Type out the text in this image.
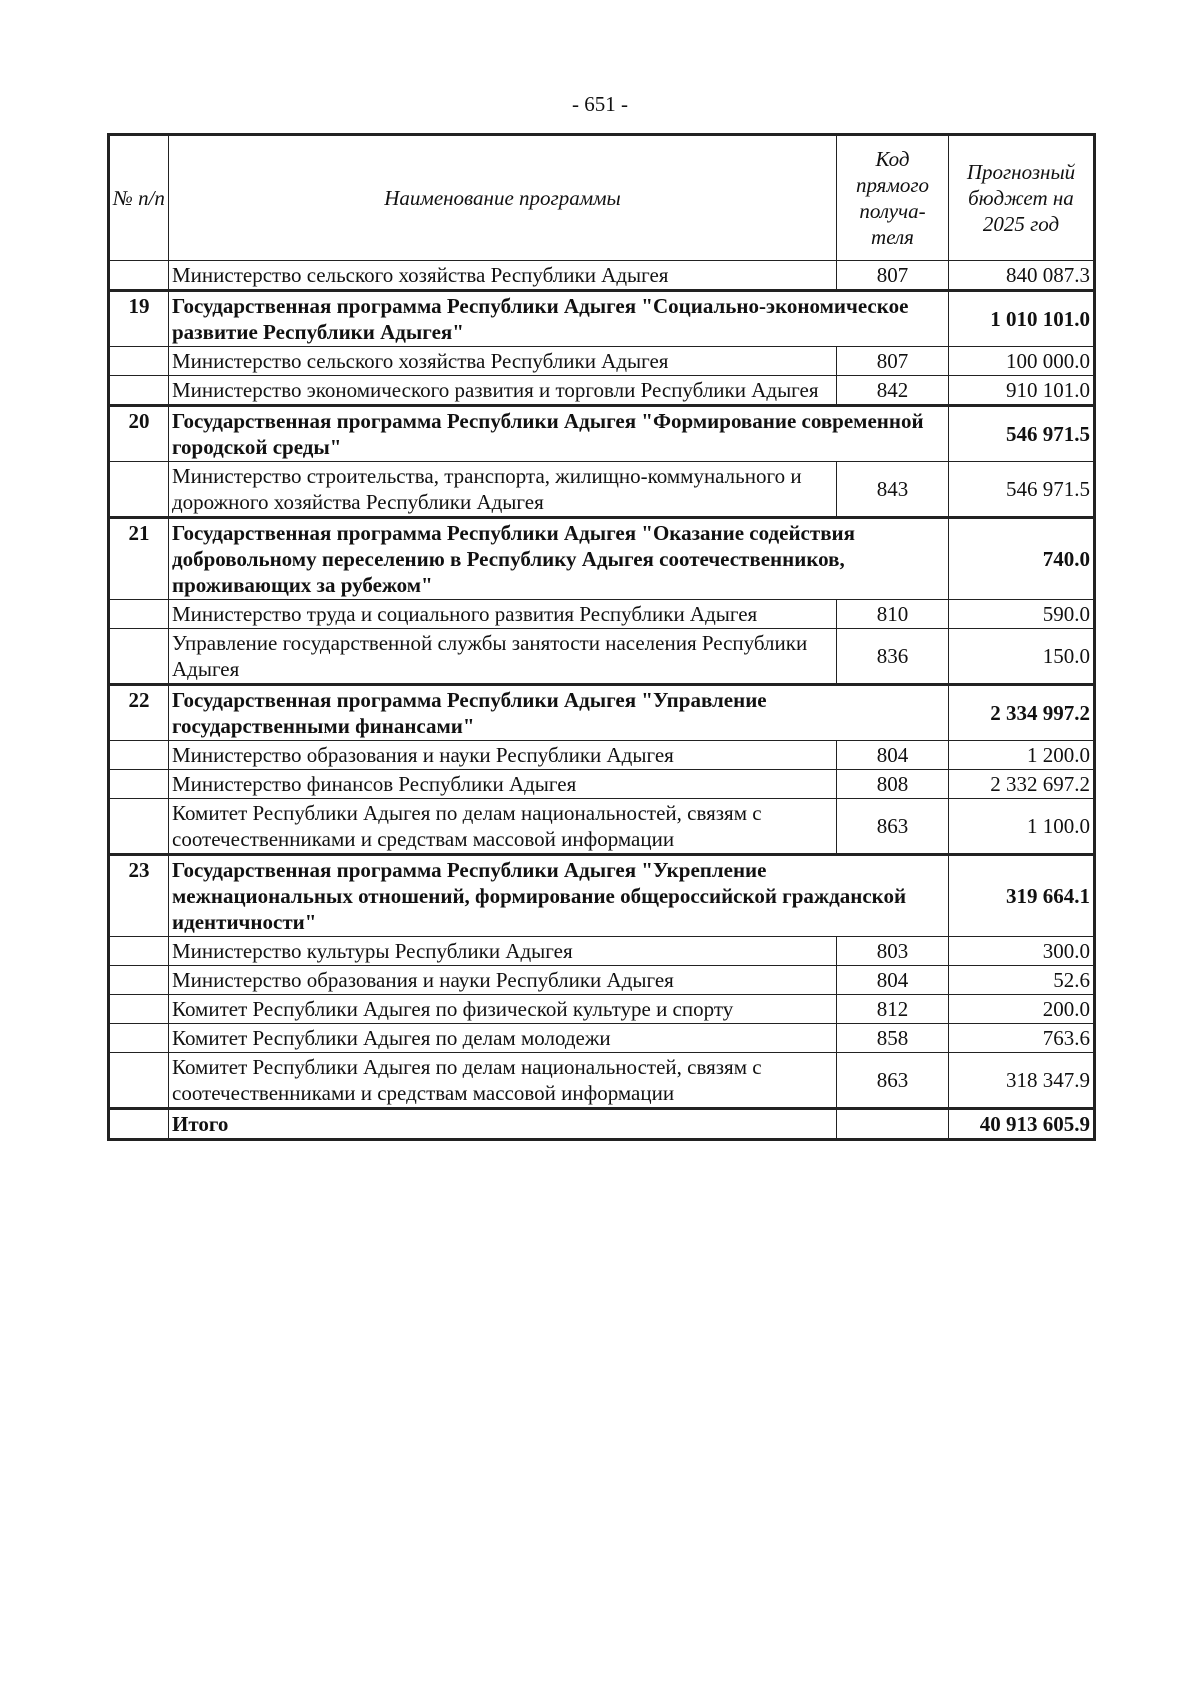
- 651 -
№ п/п	Наименование программы	Код прямого получа-теля	Прогнозный бюджет на 2025 год
	Министерство сельского хозяйства Республики Адыгея	807	840 087.3
19	Государственная программа Республики Адыгея "Социально-экономическое развитие Республики Адыгея"		1 010 101.0
	Министерство сельского хозяйства Республики Адыгея	807	100 000.0
	Министерство экономического развития и торговли Республики Адыгея	842	910 101.0
20	Государственная программа Республики Адыгея "Формирование современной городской среды"		546 971.5
	Министерство строительства, транспорта, жилищно-коммунального и дорожного хозяйства Республики Адыгея	843	546 971.5
21	Государственная программа Республики Адыгея "Оказание содействия добровольному переселению в Республику Адыгея соотечественников, проживающих за рубежом"		740.0
	Министерство труда и социального развития Республики Адыгея	810	590.0
	Управление государственной службы занятости населения Республики Адыгея	836	150.0
22	Государственная программа Республики Адыгея "Управление государственными финансами"		2 334 997.2
	Министерство образования и науки Республики Адыгея	804	1 200.0
	Министерство финансов Республики Адыгея	808	2 332 697.2
	Комитет Республики Адыгея по делам национальностей, связям с соотечественниками и средствам массовой информации	863	1 100.0
23	Государственная программа Республики Адыгея "Укрепление межнациональных отношений, формирование общероссийской гражданской идентичности"		319 664.1
	Министерство культуры Республики Адыгея	803	300.0
	Министерство образования и науки Республики Адыгея	804	52.6
	Комитет Республики Адыгея по физической культуре и спорту	812	200.0
	Комитет Республики Адыгея по делам молодежи	858	763.6
	Комитет Республики Адыгея по делам национальностей, связям с соотечественниками и средствам массовой информации	863	318 347.9
	Итого		40 913 605.9
